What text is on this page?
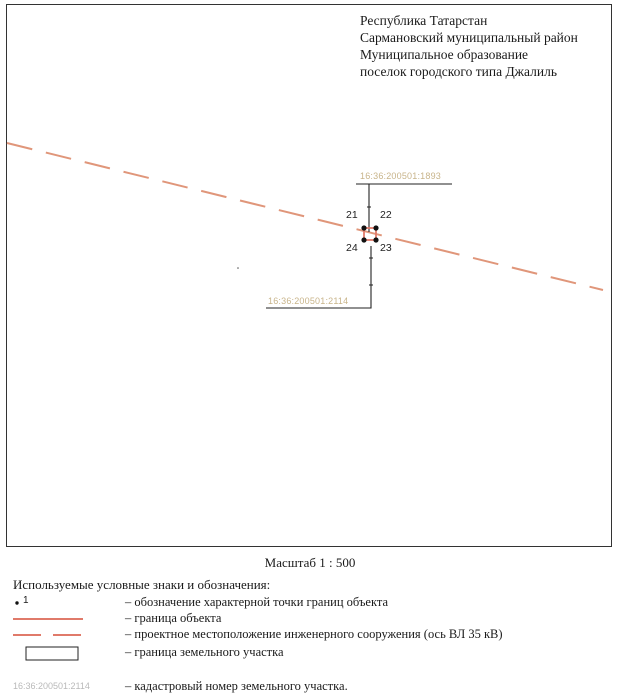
Республика Татарстан
Сармановский муниципальный район
Муниципальное образование
поселок городского типа Джалиль
16:36:200501:1893
16:36:200501:2114
21 22
23
24
Масштаб 1 : 500
Используемые условные знаки и обозначения:
1	– обозначение характерной точки границ объекта
– граница объекта
– проектное местоположение инженерного сооружения (ось ВЛ 35 кВ)
– граница земельного участка
16:36:200501:2114	– кадастровый номер земельного участка.
